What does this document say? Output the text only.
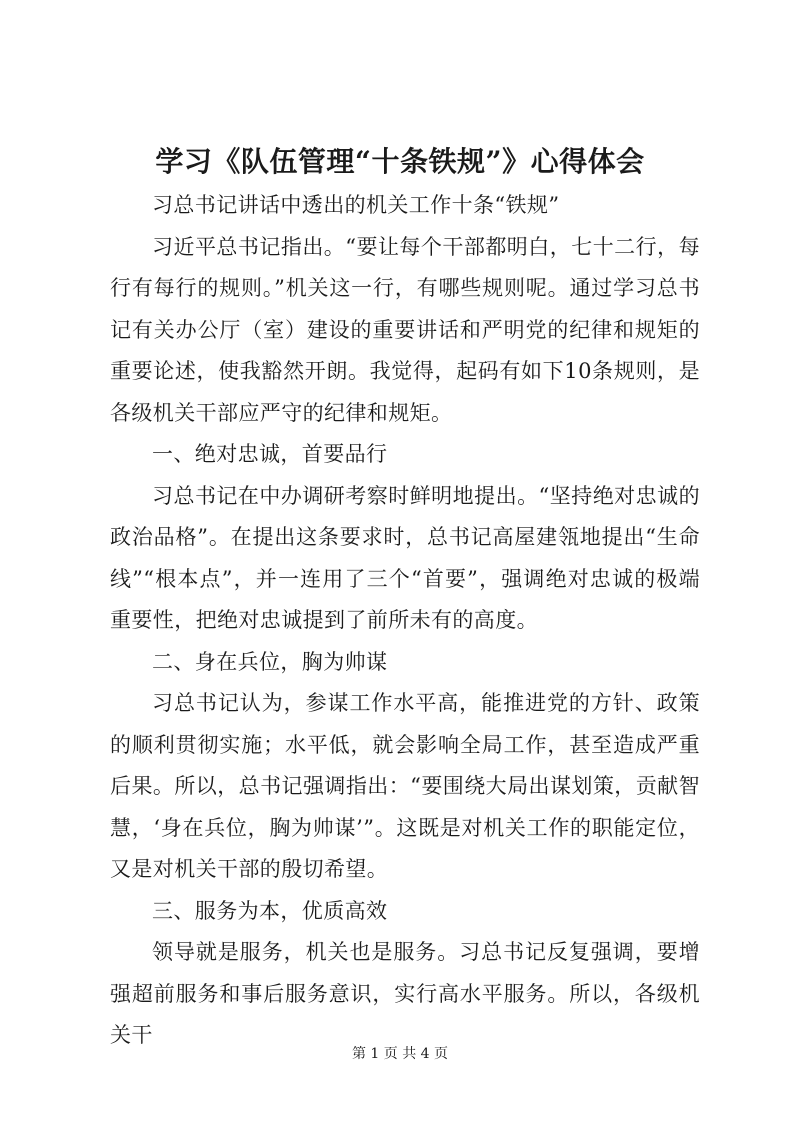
学习《队伍管理“十条铁规”》心得体会

习总书记讲话中透出的机关工作十条“铁规”

习近平总书记指出。“要让每个干部都明白，七十二行，每行有每行的规则。”机关这一行，有哪些规则呢。通过学习总书记有关办公厅（室）建设的重要讲话和严明党的纪律和规矩的重要论述，使我豁然开朗。我觉得，起码有如下10条规则，是各级机关干部应严守的纪律和规矩。

一、绝对忠诚，首要品行

习总书记在中办调研考察时鲜明地提出。“坚持绝对忠诚的政治品格”。在提出这条要求时，总书记高屋建瓴地提出“生命线”“根本点”，并一连用了三个“首要”，强调绝对忠诚的极端重要性，把绝对忠诚提到了前所未有的高度。

二、身在兵位，胸为帅谋

习总书记认为，参谋工作水平高，能推进党的方针、政策的顺利贯彻实施；水平低，就会影响全局工作，甚至造成严重后果。所以，总书记强调指出：“要围绕大局出谋划策，贡献智慧，‘身在兵位，胸为帅谋’”。这既是对机关工作的职能定位，又是对机关干部的殷切希望。

三、服务为本，优质高效

领导就是服务，机关也是服务。习总书记反复强调，要增强超前服务和事后服务意识，实行高水平服务。所以，各级机关干

第 1 页 共 4 页
